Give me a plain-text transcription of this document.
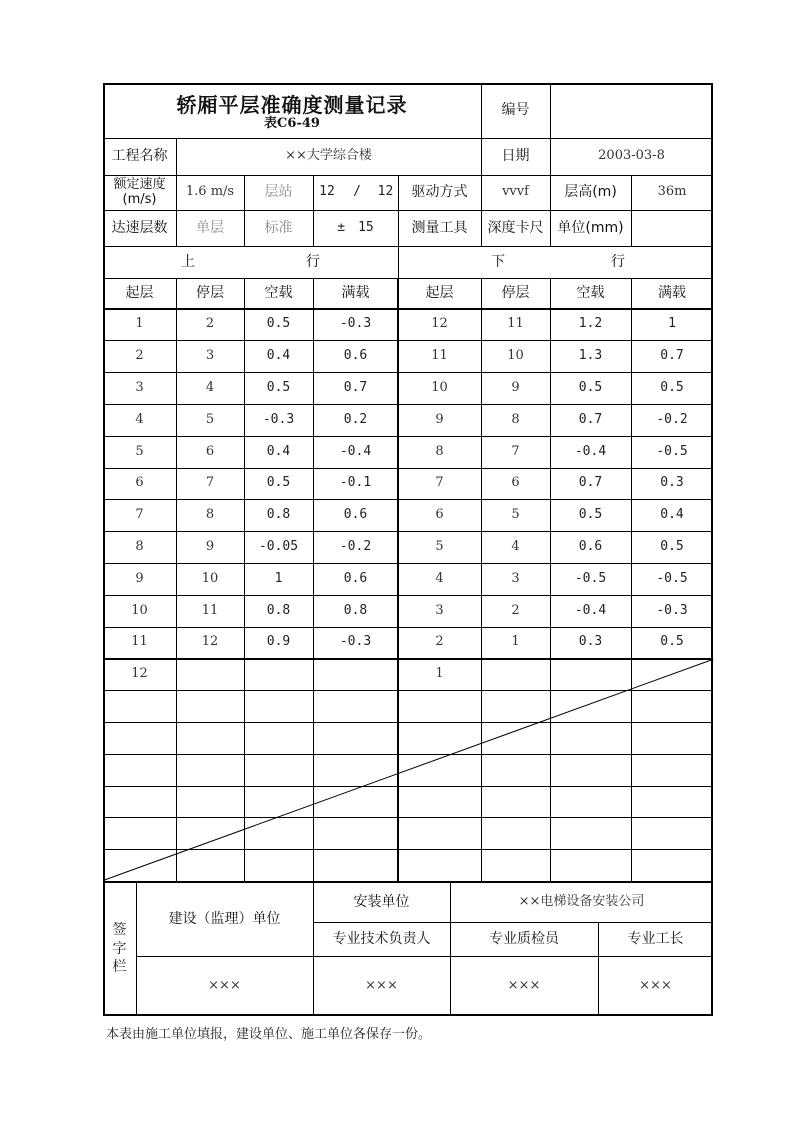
轿厢平层准确度测量记录
表C6-49
编号
工程名称	××大学综合楼	日期	2003-03-8
额定速度
(m/s)	1.6 m/s	层站	12	/	12	驱动方式	vvvf	层高(m)	36m
达速层数	单层	标准	±　15	测量工具	深度卡尺 单位(mm)
上	行	下	行
起层	停层	空载	满载	起层	停层	空载	满载
1	2	0.5	-0.3	12	11	1.2	1
2	3	0.4	0.6	11	10	1.3	0.7
3	4	0.5	0.7	10	9	0.5	0.5
4	5	-0.3	0.2	9	8	0.7	-0.2
5	6	0.4	-0.4	8	7	-0.4	-0.5
6	7	0.5	-0.1	7	6	0.7	0.3
7	8	0.8	0.6	6	5	0.5	0.4
8	9	-0.05	-0.2	5	4	0.6	0.5
9	10	1	0.6	4	3	-0.5	-0.5
10	11	0.8	0.8	3	2	-0.4	-0.3
11	12	0.9	-0.3	2	1	0.3	0.5
12	1
签
字
栏
建设（监理）单位
安装单位	××电梯设备安装公司
专业技术负责人	专业质检员	专业工长
×××	×××	×××	×××
本表由施工单位填报，建设单位、施工单位各保存一份。
